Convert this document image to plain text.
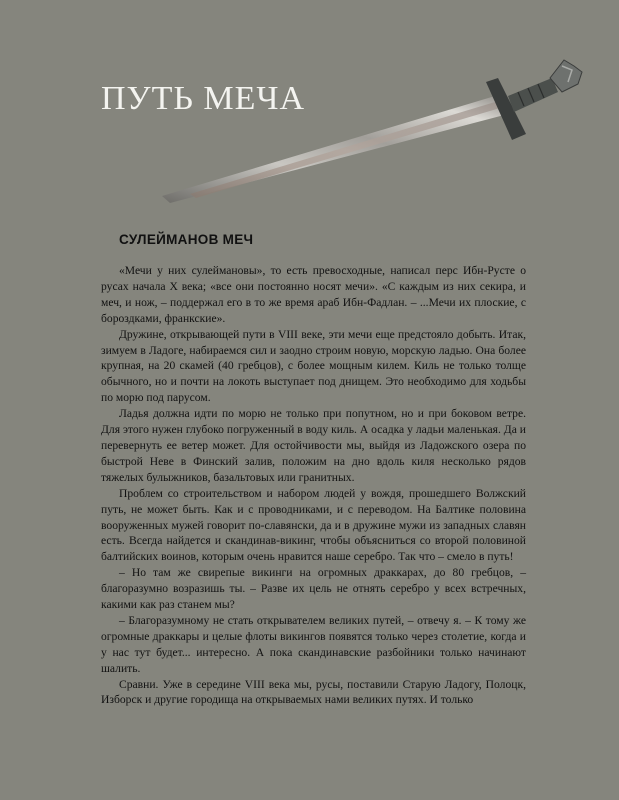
ПУТЬ МЕЧА
СУЛЕЙМАНОВ МЕЧ

«Мечи у них сулеймановы», то есть превосходные, написал перс Ибн-Русте о русах начала X века; «все они постоянно носят мечи». «С каждым из них секира, и меч, и нож, – поддержал его в то же время араб Ибн-Фадлан. – ...Мечи их плоские, с бороздками, франкские».

Дружине, открывающей пути в VIII веке, эти мечи еще предстояло добыть. Итак, зимуем в Ладоге, набираемся сил и заодно строим новую, морскую ладью. Она более крупная, на 20 скамей (40 гребцов), с более мощным килем. Киль не только толще обычного, но и почти на локоть выступает под днищем. Это необходимо для ходьбы по морю под парусом.

Ладья должна идти по морю не только при попутном, но и при боковом ветре. Для этого нужен глубоко погруженный в воду киль. А осадка у ладьи маленькая. Да и перевернуть ее ветер может. Для остойчивости мы, выйдя из Ладожского озера по быстрой Неве в Финский залив, положим на дно вдоль киля несколько рядов тяжелых булыжников, базальтовых или гранитных.

Проблем со строительством и набором людей у вождя, прошедшего Волжский путь, не может быть. Как и с проводниками, и с переводом. На Балтике половина вооруженных мужей говорит по-славянски, да и в дружине мужи из западных славян есть. Всегда найдется и скандинав-викинг, чтобы объясниться со второй половиной балтийских воинов, которым очень нравится наше серебро. Так что – смело в путь!

– Но там же свирепые викинги на огромных драккарах, до 80 гребцов, – благоразумно возразишь ты. – Разве их цель не отнять серебро у всех встречных, какими как раз станем мы?

– Благоразумному не стать открывателем великих путей, – отвечу я. – К тому же огромные драккары и целые флоты викингов появятся только через столетие, когда и у нас тут будет... интересно. А пока скандинавские разбойники только начинают шалить.

Сравни. Уже в середине VIII века мы, русы, поставили Старую Ладогу, Полоцк, Изборск и другие городища на открываемых нами великих путях. И только
